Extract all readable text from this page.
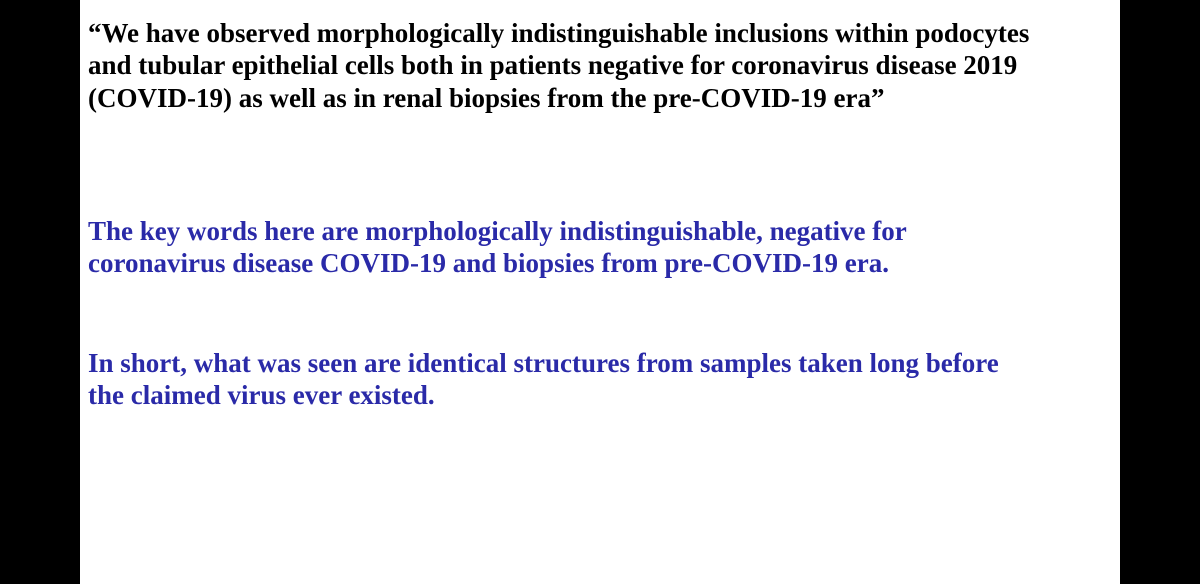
“We have observed morphologically indistinguishable inclusions within podocytes
and tubular epithelial cells both in patients negative for coronavirus disease 2019
(COVID-19) as well as in renal biopsies from the pre-COVID-19 era”

The key words here are morphologically indistinguishable, negative for
coronavirus disease COVID-19 and biopsies from pre-COVID-19 era.

In short, what was seen are identical structures from samples taken long before
the claimed virus ever existed.
